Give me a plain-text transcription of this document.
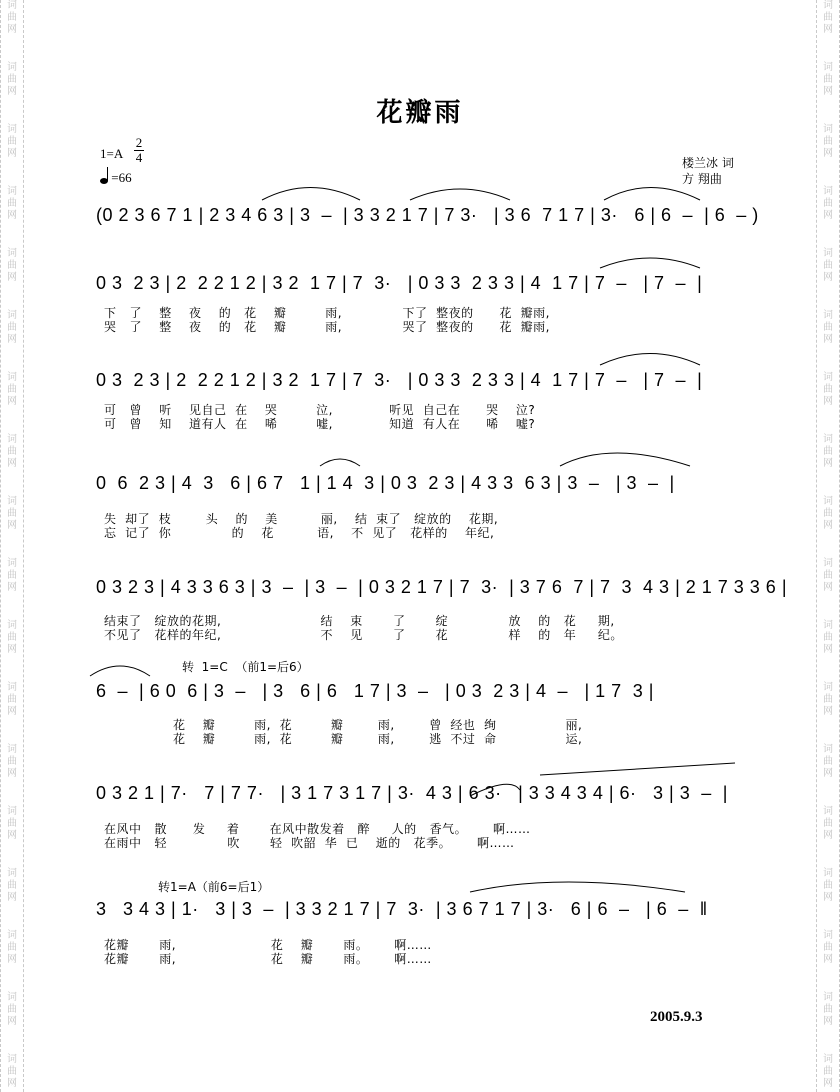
词
曲
网
词
曲
网
词
曲
网
词
曲
网
词
曲
网
词
曲
网
词
曲
网
词
曲
网
词
曲
网
词
曲
网
词
曲
网
词
曲
网
词
曲
网
词
曲
网
词
曲
网
词
曲
网
词
曲
网
词
曲
网
词
曲
网
词
曲
网
词
曲
网
词
曲
网
词
曲
网
词
曲
网
词
曲
网
词
曲
网
词
曲
网
词
曲
网
词
曲
网
词
曲
网
词
曲
网
词
曲
网
词
曲
网
词
曲
网
词
曲
网
词
曲
网
花瓣雨
1=A
2
4
=66
楼兰冰 词
方 翔曲
(0 2 3 6 7 1 | 2 3 4 6 3 | 3  –  | 3 3 2 1 7 | 7 3·   | 3 6  7 1 7 | 3·   6 | 6  –  | 6  – )
0 3  2 3 | 2  2 2 1 2 | 3 2  1 7 | 7  3·   | 0 3 3  2 3 3 | 4  1 7 | 7  –   | 7  –  |
下   了    整    夜    的   花    瓣         雨,              下了  整夜的      花  瓣雨,
哭   了    整    夜    的   花    瓣         雨,              哭了  整夜的      花  瓣雨,
0 3  2 3 | 2  2 2 1 2 | 3 2  1 7 | 7  3·   | 0 3 3  2 3 3 | 4  1 7 | 7  –   | 7  –  |
可   曾    听    见自己  在    哭         泣,             听见  自己在      哭    泣?
可   曾    知    道有人  在    唏         嘘,             知道  有人在      唏    嘘?
0  6  2 3 | 4  3   6 | 6 7   1 | 1 4  3 | 0 3  2 3 | 4 3 3  6 3 | 3  –   | 3  –  |
失  却了  枝        头    的    美          丽,    结  束了   绽放的    花期,
忘  记了  你              的    花          语,    不  见了   花样的    年纪,
0 3 2 3 | 4 3 3 6 3 | 3  –  | 3  –  | 0 3 2 1 7 | 7  3·  | 3 7 6  7 | 7  3  4 3 | 2 1 7 3 3 6 |
结束了   绽放的花期,                       结    束       了       绽              放    的   花     期,
不见了   花样的年纪,                       不    见       了       花              样    的   年     纪。
转  1=C  （前1=后6）
6  –  | 6 0  6 | 3  –   | 3   6 | 6   1 7 | 3  –   | 0 3  2 3 | 4  –   | 1 7  3 |
花    瓣         雨,  花         瓣        雨,        曾  经也  绚                丽,
花    瓣         雨,  花         瓣        雨,        逃  不过  命                运,
0 3 2 1 | 7·   7 | 7 7·   | 3 1 7 3 1 7 | 3·  4 3 | 6 3·   | 3 3 4 3 4 | 6·   3 | 3  –  |
在风中   散      发     着       在风中散发着   醉     人的   香气。      啊……
在雨中   轻              吹       轻  吹韶  华  已    逝的   花季。      啊……
转1=A（前6=后1）
3   3 4 3 | 1·   3 | 3  –  | 3 3 2 1 7 | 7  3·  | 3 6 7 1 7 | 3·   6 | 6  –   | 6  –  ‖
花瓣       雨,                      花    瓣       雨。      啊……
花瓣       雨,                      花    瓣       雨。      啊……
2005.9.3
